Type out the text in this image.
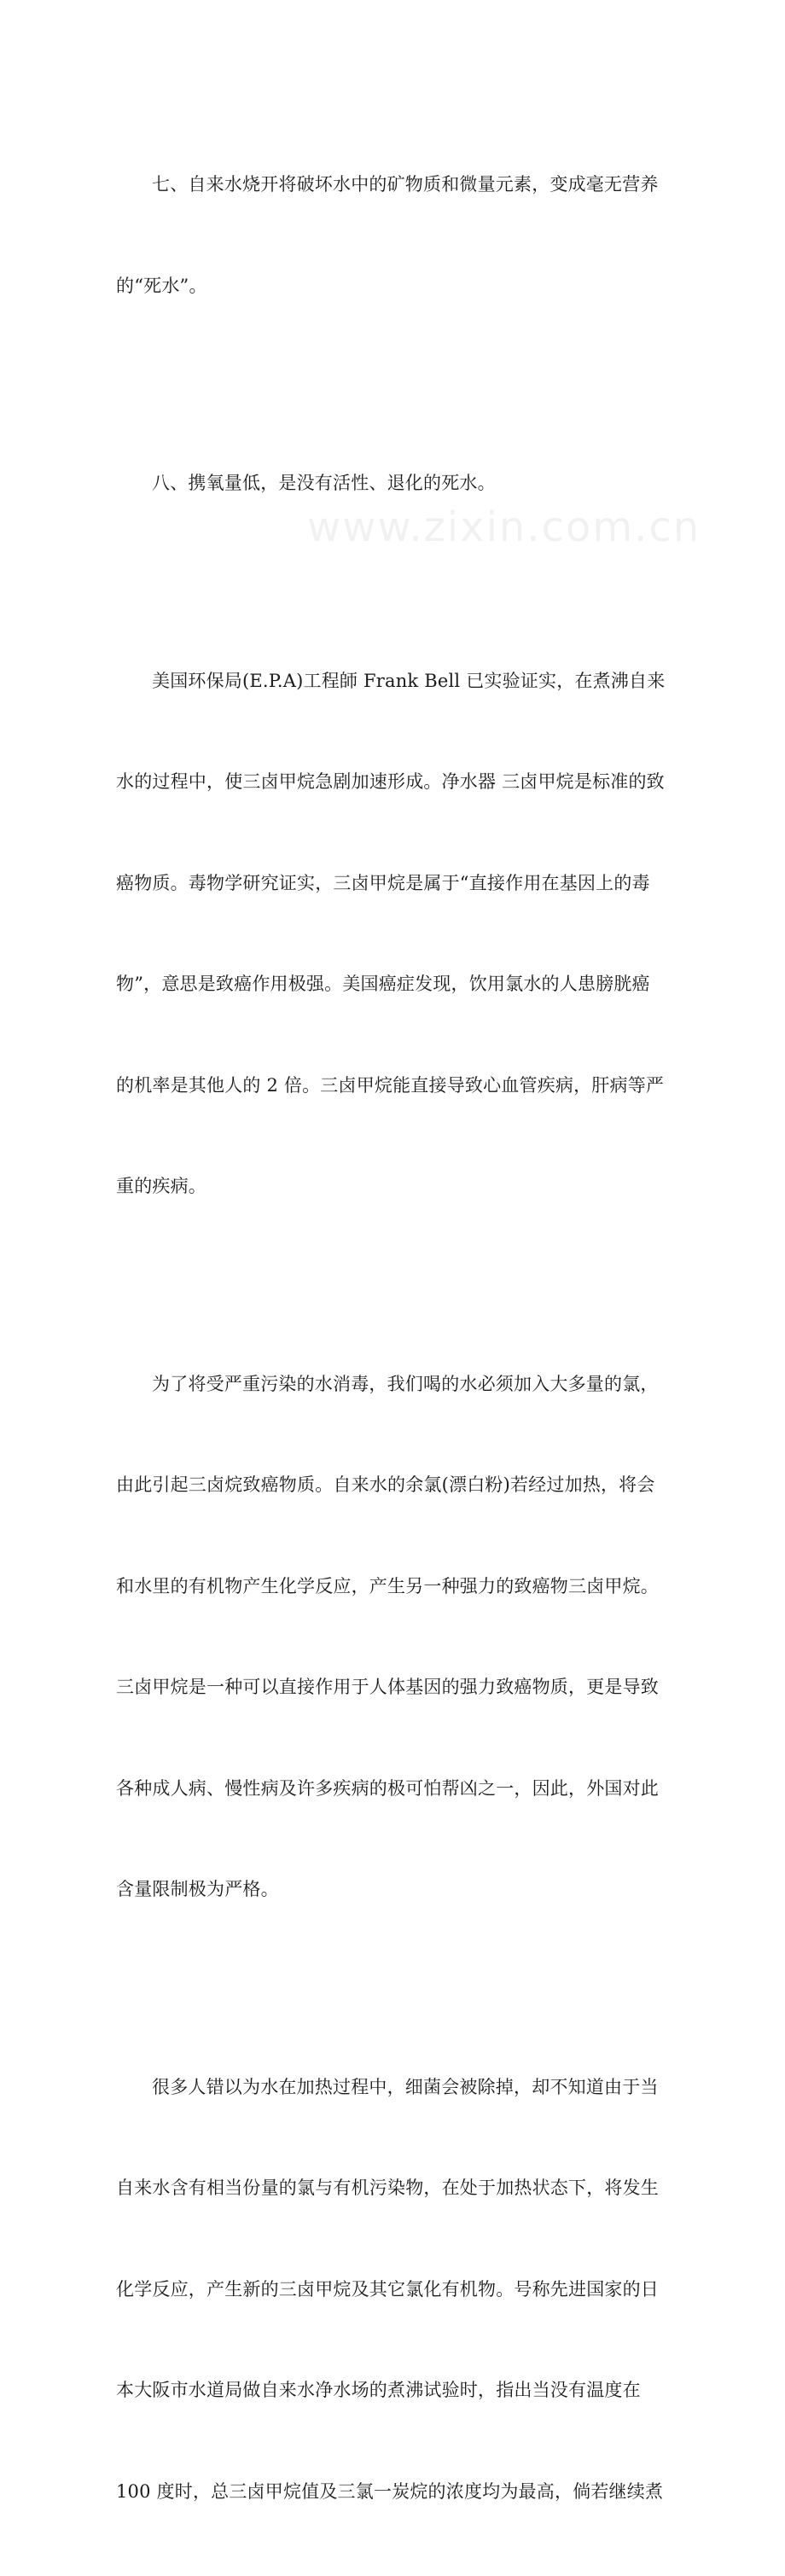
www.zixin.com.cn

七、自来水烧开将破坏水中的矿物质和微量元素，变成毫无营养

的“死水”。

八、携氧量低，是没有活性、退化的死水。

美国环保局(E.P.A)工程師 Frank Bell 已实验证实，在煮沸自来

水的过程中，使三卤甲烷急剧加速形成。净水器 三卤甲烷是标准的致

癌物质。毒物学研究证实，三卤甲烷是属于“直接作用在基因上的毒

物”，意思是致癌作用极强。美国癌症发现，饮用氯水的人患膀胱癌

的机率是其他人的 2 倍。三卤甲烷能直接导致心血管疾病，肝病等严

重的疾病。

为了将受严重污染的水消毒，我们喝的水必须加入大多量的氯，

由此引起三卤烷致癌物质。自来水的余氯(漂白粉)若经过加热，将会

和水里的有机物产生化学反应，产生另一种强力的致癌物三卤甲烷。

三卤甲烷是一种可以直接作用于人体基因的强力致癌物质，更是导致

各种成人病、慢性病及许多疾病的极可怕帮凶之一，因此，外国对此

含量限制极为严格。

很多人错以为水在加热过程中，细菌会被除掉，却不知道由于当

自来水含有相当份量的氯与有机污染物，在处于加热状态下，将发生

化学反应，产生新的三卤甲烷及其它氯化有机物。号称先进国家的日

本大阪市水道局做自来水净水场的煮沸试验时，指出当没有温度在

100 度时，总三卤甲烷值及三氯一炭烷的浓度均为最高，倘若继续煮
